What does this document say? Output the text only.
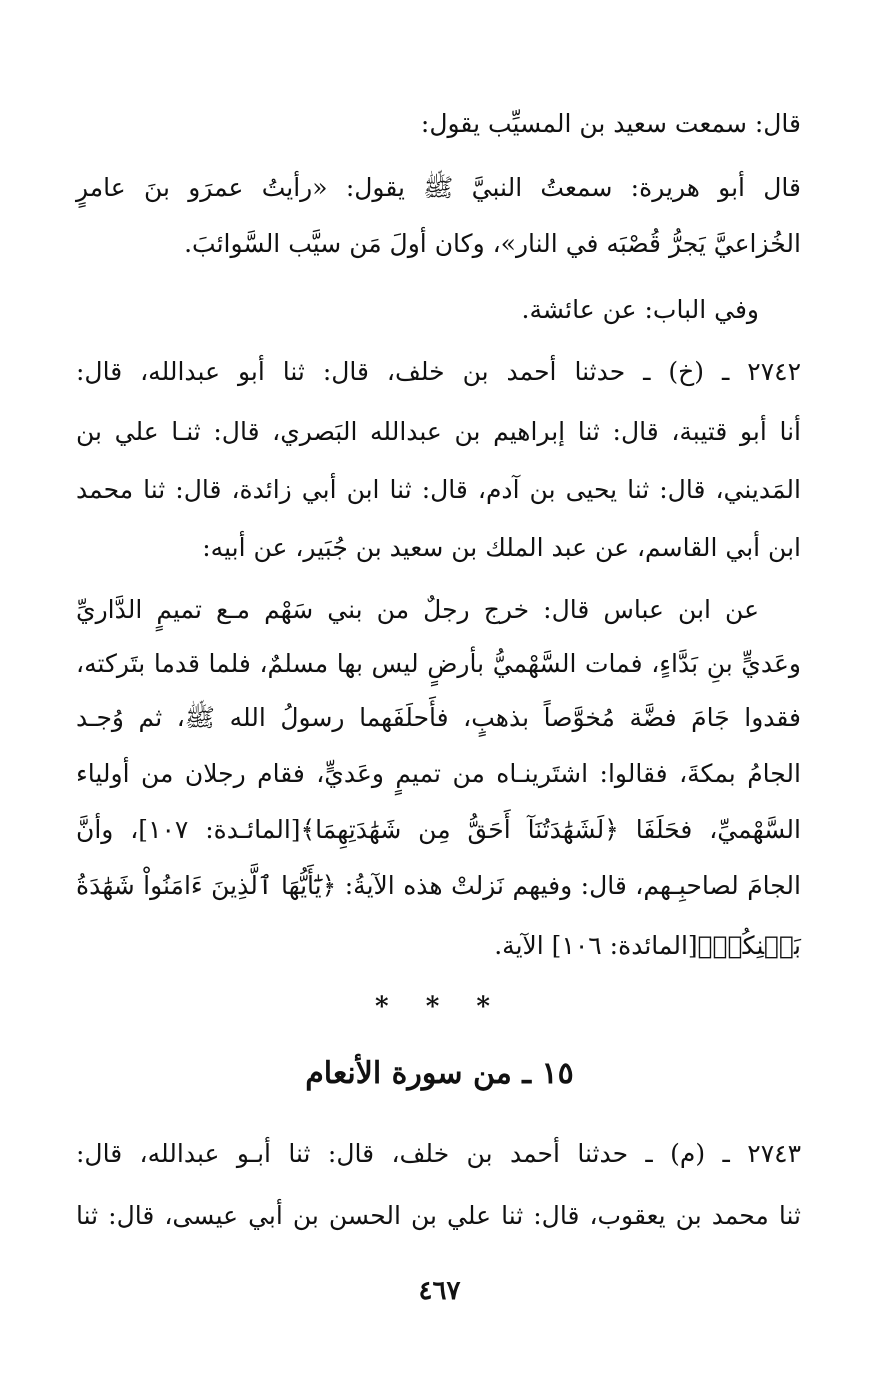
قال: سمعت سعيد بن المسيِّب يقول:
قال أبو هريرة: سمعتُ النبيَّ ﷺ يقول: «رأيتُ عمرَو بنَ عامرٍ
الخُزاعيَّ يَجرُّ قُصْبَه في النار»، وكان أولَ مَن سيَّب السَّوائبَ.
وفي الباب: عن عائشة.
٢٧٤٢ ـ (خ) ـ حدثنا أحمد بن خلف، قال: ثنا أبو عبدالله، قال:
أنا أبو قتيبة، قال: ثنا إبراهيم بن عبدالله البَصري، قال: ثنـا علي بن
المَديني، قال: ثنا يحيى بن آدم، قال: ثنا ابن أبي زائدة، قال: ثنا محمد
ابن أبي القاسم، عن عبد الملك بن سعيد بن جُبَير، عن أبيه:
عن ابن عباس قال: خرج رجلٌ من بني سَهْم مـع تميمٍ الدَّاريِّ
وعَديٍّ بنِ بَدَّاءٍ، فمات السَّهْميُّ بأرضٍ ليس بها مسلمٌ، فلما قدما بتَركته،
فقدوا جَامَ فضَّة مُخوَّصاً بذهبٍ، فأَحلَفَهما رسولُ الله ﷺ، ثم وُجـد
الجامُ بمكةَ، فقالوا: اشتَرينـاه من تميمٍ وعَديٍّ، فقام رجلان من أولياء
السَّهْميِّ، فحَلَفَا ﴿لَشَهَٰدَتُنَآ أَحَقُّ مِن شَهَٰدَتِهِمَا﴾[المائـدة: ١٠٧]، وأنَّ
الجامَ لصاحبِـهم، قال: وفيهم نَزلتْ هذه الآيةُ: ﴿يَٰٓأَيُّهَا ٱلَّذِينَ ءَامَنُواْ شَهَٰدَةُ
بَيۡنِكُمۡ﴾[المائدة: ١٠٦] الآية.
* * *
١٥ ـ من سورة الأنعام
٢٧٤٣ ـ (م) ـ حدثنا أحمد بن خلف، قال: ثنا أبـو عبدالله، قال:
ثنا محمد بن يعقوب، قال: ثنا علي بن الحسن بن أبي عيسى، قال: ثنا
٤٦٧
